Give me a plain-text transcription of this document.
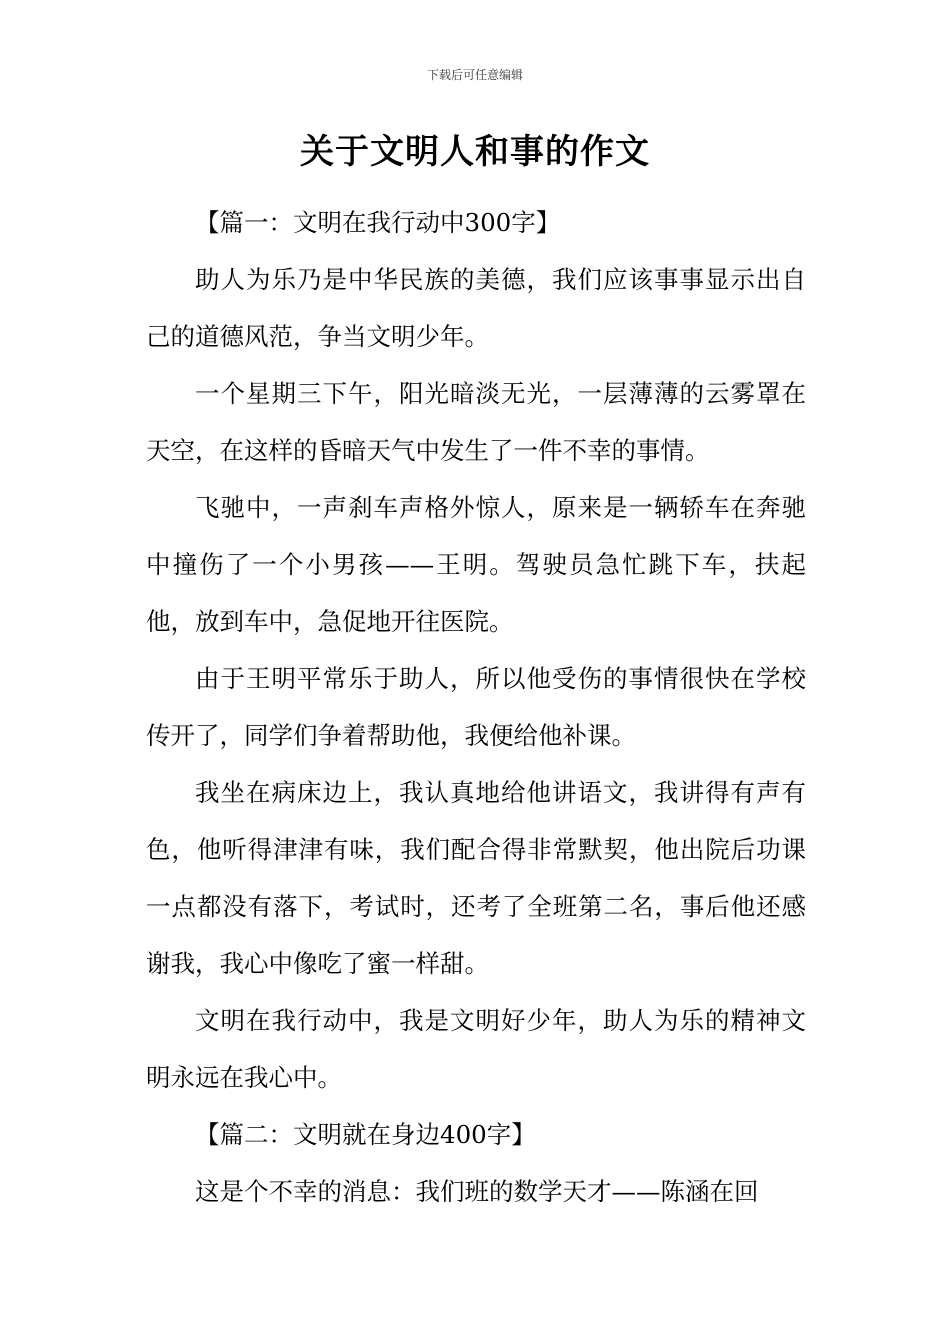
下载后可任意编辑
关于文明人和事的作文

【篇一：文明在我行动中300字】

助人为乐乃是中华民族的美德，我们应该事事显示出自己的道德风范，争当文明少年。

一个星期三下午，阳光暗淡无光，一层薄薄的云雾罩在天空，在这样的昏暗天气中发生了一件不幸的事情。

飞驰中，一声刹车声格外惊人，原来是一辆轿车在奔驰中撞伤了一个小男孩——王明。驾驶员急忙跳下车，扶起他，放到车中，急促地开往医院。

由于王明平常乐于助人，所以他受伤的事情很快在学校传开了，同学们争着帮助他，我便给他补课。

我坐在病床边上，我认真地给他讲语文，我讲得有声有色，他听得津津有味，我们配合得非常默契，他出院后功课一点都没有落下，考试时，还考了全班第二名，事后他还感谢我，我心中像吃了蜜一样甜。

文明在我行动中，我是文明好少年，助人为乐的精神文明永远在我心中。

【篇二：文明就在身边400字】

这是个不幸的消息：我们班的数学天才——陈涵在回
